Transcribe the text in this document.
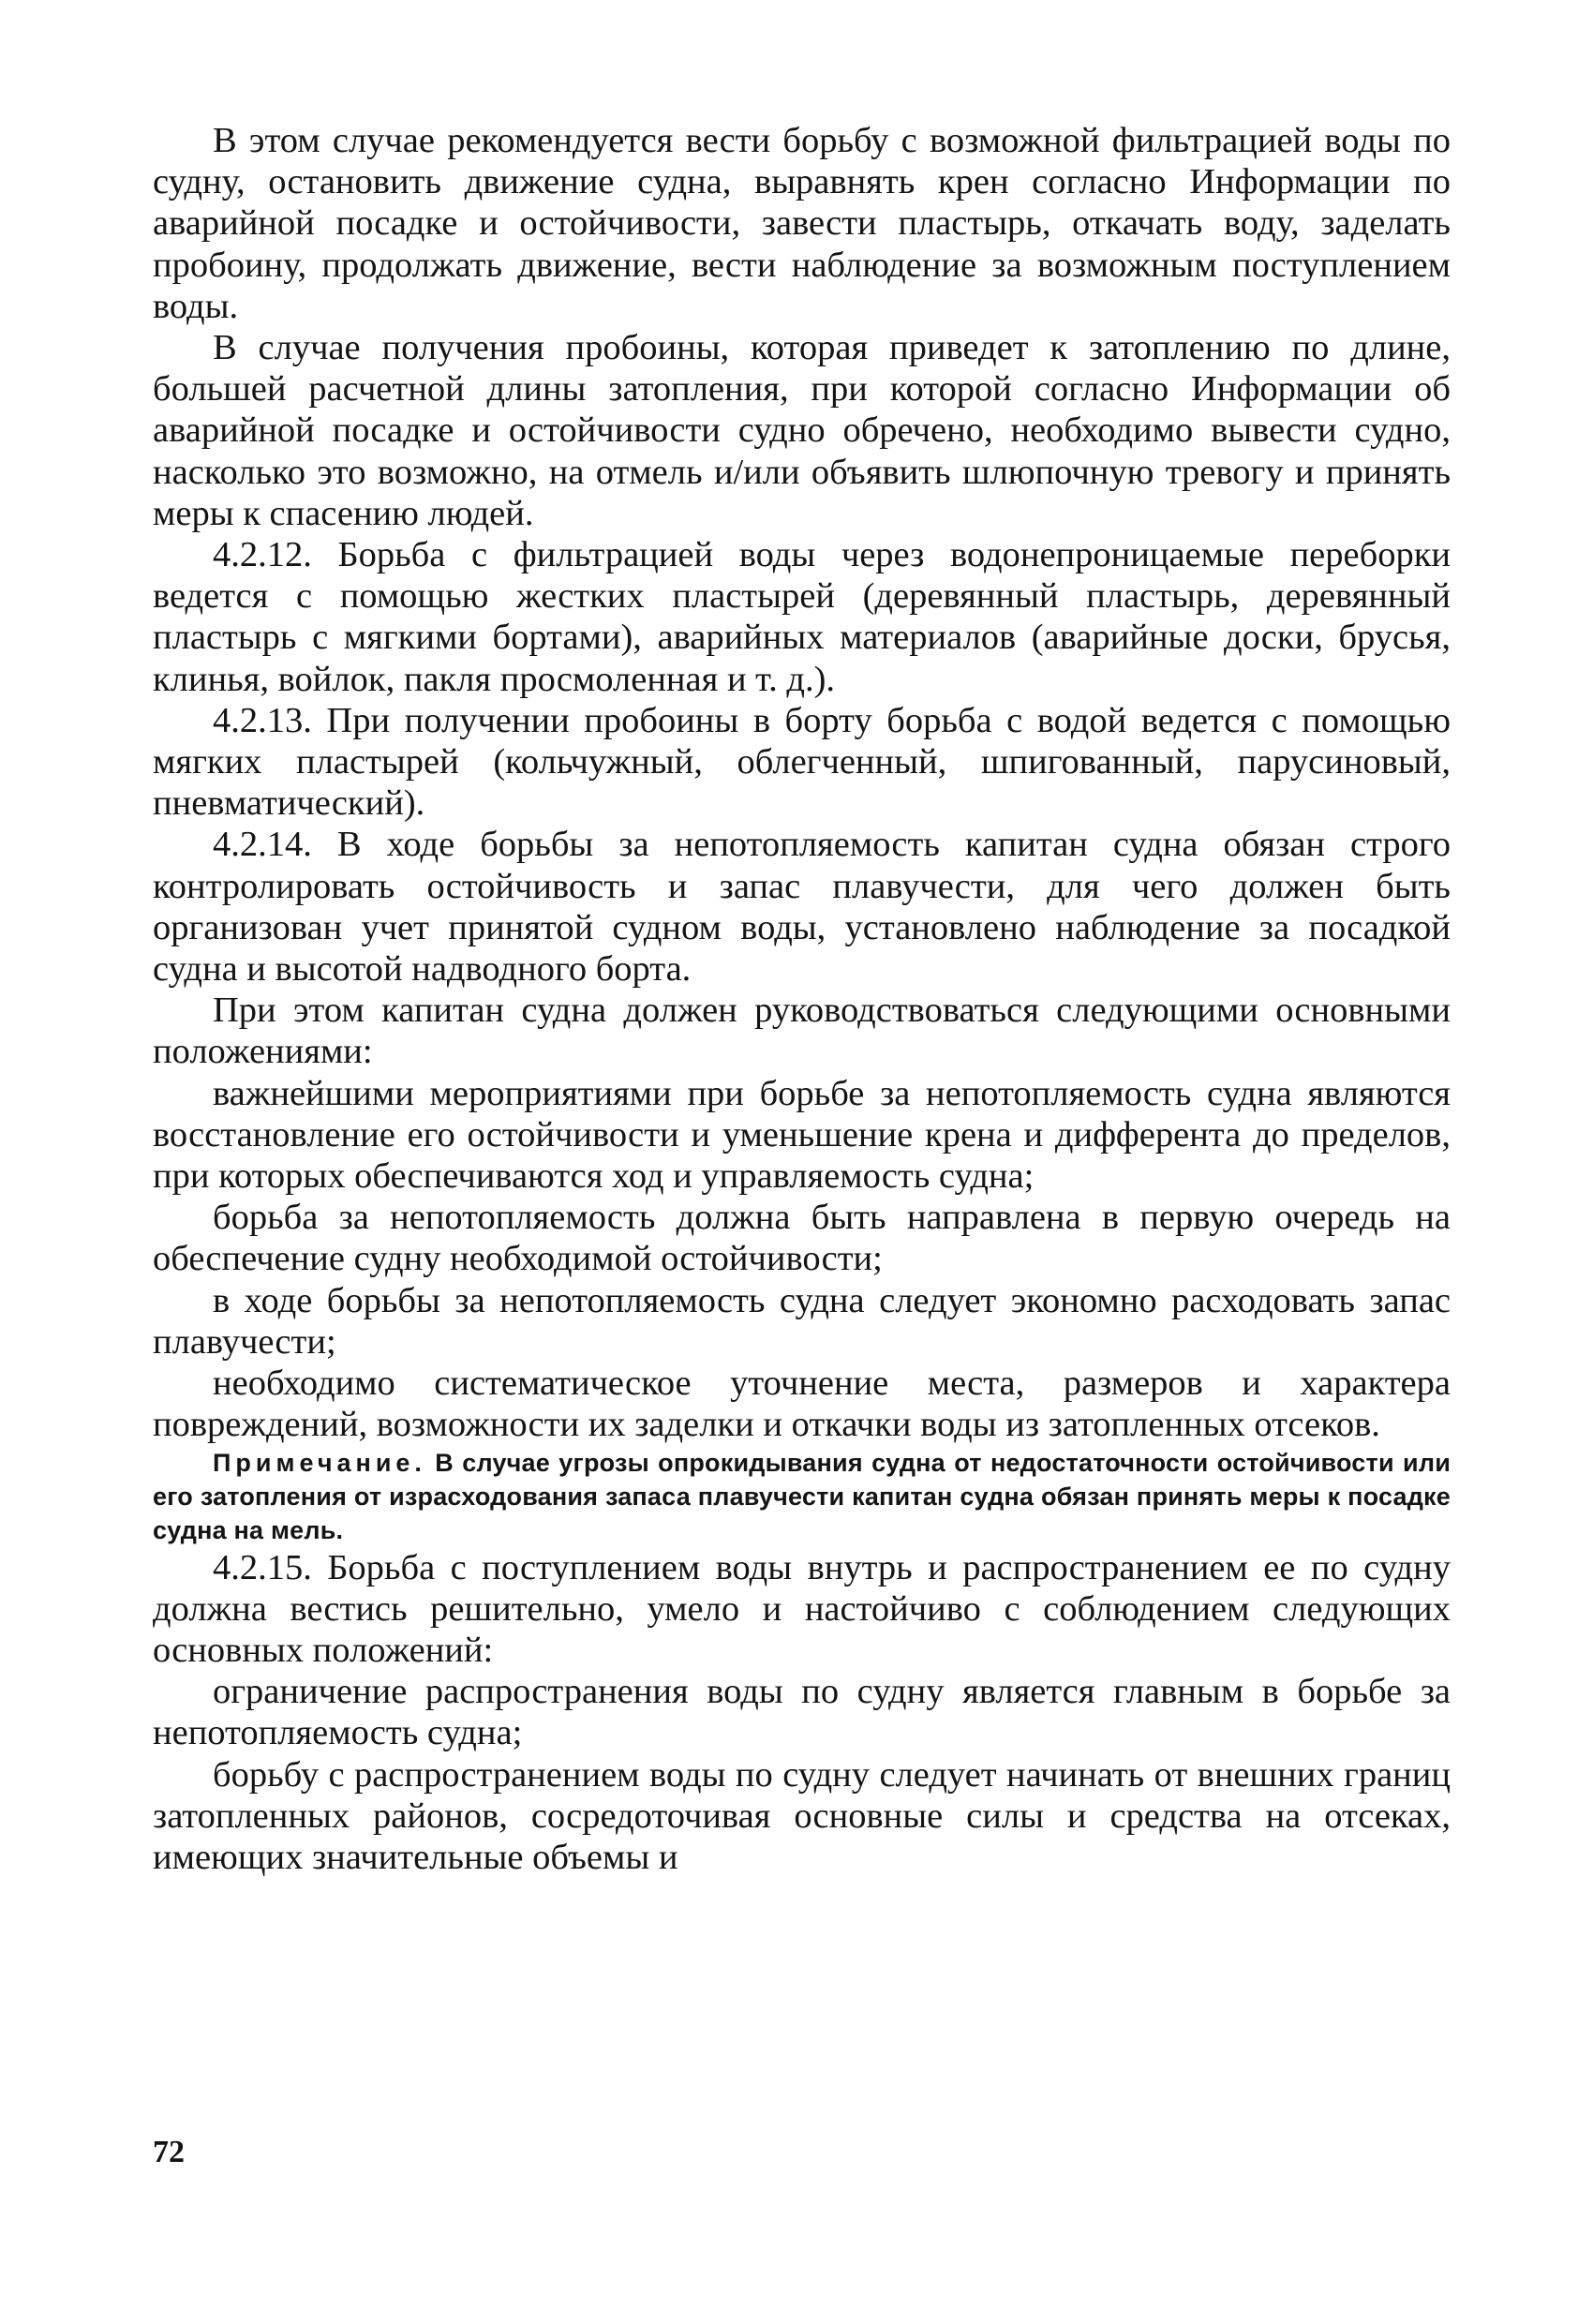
В этом случае рекомендуется вести борьбу с возможной фильтрацией воды по судну, остановить движение судна, выравнять крен согласно Информации по аварийной посадке и остойчивости, завести пластырь, откачать воду, заделать пробоину, продолжать движение, вести наблюдение за возможным поступлением воды.

В случае получения пробоины, которая приведет к затоплению по длине, большей расчетной длины затопления, при которой согласно Информации об аварийной посадке и остойчивости судно обречено, необходимо вывести судно, насколько это возможно, на отмель и/или объявить шлюпочную тревогу и принять меры к спасению людей.

4.2.12. Борьба с фильтрацией воды через водонепроницаемые переборки ведется с помощью жестких пластырей (деревянный пластырь, деревянный пластырь с мягкими бортами), аварийных материалов (аварийные доски, брусья, клинья, войлок, пакля просмоленная и т. д.).

4.2.13. При получении пробоины в борту борьба с водой ведется с помощью мягких пластырей (кольчужный, облегченный, шпигованный, парусиновый, пневматический).

4.2.14. В ходе борьбы за непотопляемость капитан судна обязан строго контролировать остойчивость и запас плавучести, для чего должен быть организован учет принятой судном воды, установлено наблюдение за посадкой судна и высотой надводного борта.

При этом капитан судна должен руководствоваться следующими основными положениями:

важнейшими мероприятиями при борьбе за непотопляемость судна являются восстановление его остойчивости и уменьшение крена и дифферента до пределов, при которых обеспечиваются ход и управляемость судна;

борьба за непотопляемость должна быть направлена в первую очередь на обеспечение судну необходимой остойчивости;

в ходе борьбы за непотопляемость судна следует экономно расходовать запас плавучести;

необходимо систематическое уточнение места, размеров и характера повреждений, возможности их заделки и откачки воды из затопленных отсеков.

Примечание. В случае угрозы опрокидывания судна от недостаточности остойчивости или его затопления от израсходования запаса плавучести капитан судна обязан принять меры к посадке судна на мель.

4.2.15. Борьба с поступлением воды внутрь и распространением ее по судну должна вестись решительно, умело и настойчиво с соблюдением следующих основных положений:

ограничение распространения воды по судну является главным в борьбе за непотопляемость судна;

борьбу с распространением воды по судну следует начинать от внешних границ затопленных районов, сосредоточивая основные силы и средства на отсеках, имеющих значительные объемы и

72
